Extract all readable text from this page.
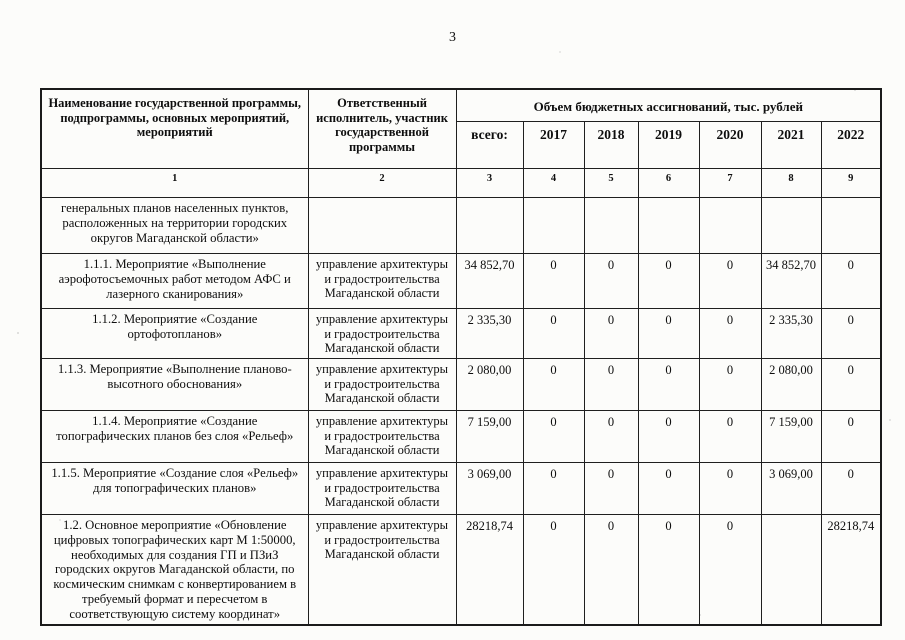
3
Наименование государственной программы, подпрограммы, основных мероприятий, мероприятий	Ответственный исполнитель, участник государственной программы	Объем бюджетных ассигнований, тыс. рублей						
		всего:	2017	2018	2019	2020	2021	2022
1	2	3	4	5	6	7	8	9
генеральных планов населенных пунктов, расположенных на территории городских округов Магаданской области»								
1.1.1. Мероприятие «Выполнение аэрофотосъемочных работ методом АФС и лазерного сканирования»	управление архитектуры и градостроительства Магаданской области	34 852,70	0	0	0	0	34 852,70	0
1.1.2. Мероприятие «Создание ортофотопланов»	управление архитектуры и градостроительства Магаданской области	2 335,30	0	0	0	0	2 335,30	0
1.1.3. Мероприятие «Выполнение планово-высотного обоснования»	управление архитектуры и градостроительства Магаданской области	2 080,00	0	0	0	0	2 080,00	0
1.1.4. Мероприятие «Создание топографических планов без слоя «Рельеф»	управление архитектуры и градостроительства Магаданской области	7 159,00	0	0	0	0	7 159,00	0
1.1.5. Мероприятие «Создание слоя «Рельеф» для топографических планов»	управление архитектуры и градостроительства Магаданской области	3 069,00	0	0	0	0	3 069,00	0
1.2. Основное мероприятие «Обновление цифровых топографических карт М 1:50000, необходимых для создания ГП и ПЗиЗ городских округов Магаданской области, по космическим снимкам с конвертированием в требуемый формат и пересчетом в соответствующую систему координат»	управление архитектуры и градостроительства Магаданской области	28218,74	0	0	0	0		28218,74
